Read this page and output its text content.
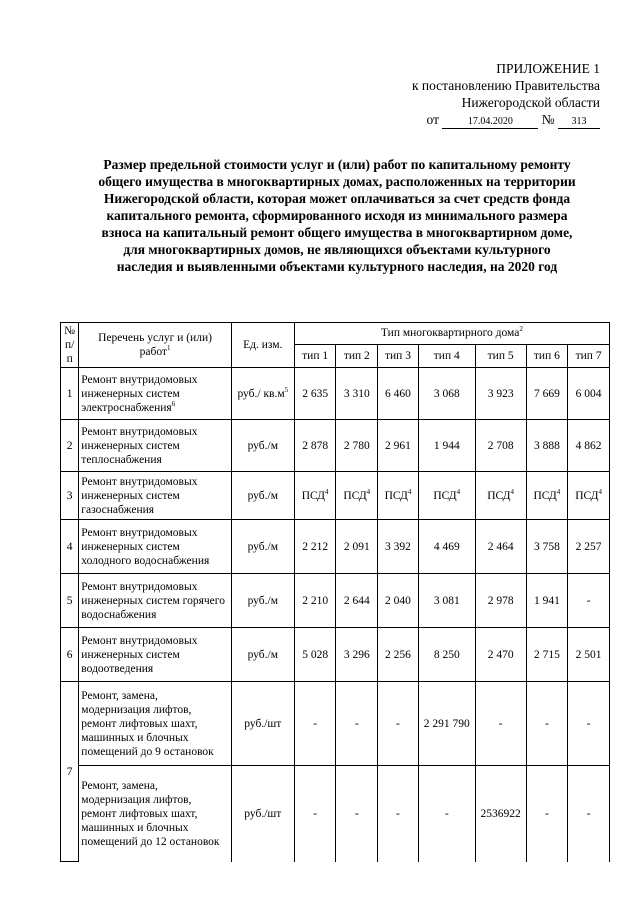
ПРИЛОЖЕНИЕ 1
к постановлению Правительства
Нижегородской области
от	17.04.2020 № 313
Размер предельной стоимости услуг и (или) работ по капитальному ремонту общего имущества в многоквартирных домах, расположенных на территории Нижегородской области, которая может оплачиваться за счет средств фонда капитального ремонта, сформированного исходя из минимального размера взноса на капитальный ремонт общего имущества в многоквартирном доме, для многоквартирных домов, не являющихся объектами культурного наследия и выявленными объектами культурного наследия, на 2020 год
№ п/п	Перечень услуг и (или) работ$^1$	Ед. изм.	Тип многоквартирного дома$^2$
			тип 1	тип 2	тип 3	тип 4	тип 5	тип 6	тип 7
1	Ремонт внутридомовых инженерных систем электроснабжения$^6$	руб./ $кв.м^5$	2 635	3 310	6 460	3 068	3 923	7 669	6 004
2	Ремонт внутридомовых инженерных систем теплоснабжения	руб./м	2 878	2 780	2 961	1 944	2 708	3 888	4 862
3	Ремонт внутридомовых инженерных систем газоснабжения	руб./м	ПСД$^4$	ПСД$^4$	ПСД$^4$	ПСД$^4$	ПСД$^4$	ПСД$^4$	ПСД$^4$
4	Ремонт внутридомовых инженерных систем холодного водоснабжения	руб./м	2 212	2 091	3 392	4 469	2 464	3 758	2 257
5	Ремонт внутридомовых инженерных систем горячего водоснабжения	руб./м	2 210	2 644	2 040	3 081	2 978	1 941	-
6	Ремонт внутридомовых инженерных систем водоотведения	руб./м	5 028	3 296	2 256	8 250	2 470	2 715	2 501
7	Ремонт, замена, модернизация лифтов, ремонт лифтовых шахт, машинных и блочных помещений до 9 остановок	руб./шт	-	-	-	2 291 790	-	-	-
	Ремонт, замена, модернизация лифтов, ремонт лифтовых шахт, машинных и блочных помещений до 12 остановок	руб./шт	-	-	-	-	2536922	-	-
